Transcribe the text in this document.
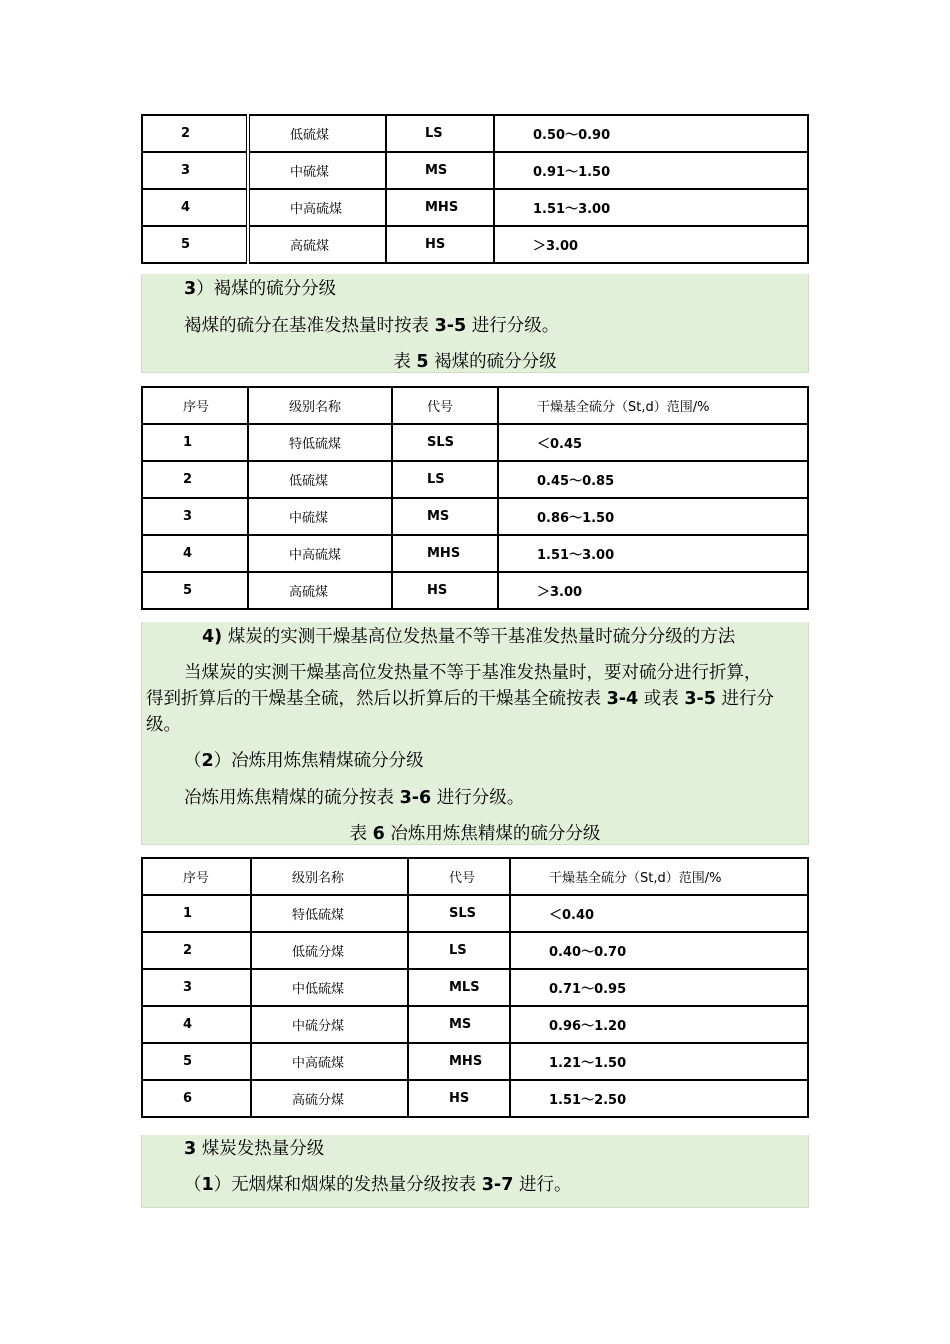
2	低硫煤	LS	0.50～0.90
3	中硫煤	MS	0.91～1.50
4	中高硫煤	MHS	1.51～3.00
5	高硫煤	HS	＞3.00
3）褐煤的硫分分级
褐煤的硫分在基准发热量时按表 3-5 进行分级。
表 5 褐煤的硫分分级
序号	级别名称	代号	干燥基全硫分（St,d）范围/%
1	特低硫煤	SLS	＜0.45
2	低硫煤	LS	0.45～0.85
3	中硫煤	MS	0.86～1.50
4	中高硫煤	MHS	1.51～3.00
5	高硫煤	HS	＞3.00
4) 煤炭的实测干燥基高位发热量不等干基准发热量时硫分分级的方法
当煤炭的实测干燥基高位发热量不等于基准发热量时，要对硫分进行折算，
得到折算后的干燥基全硫，然后以折算后的干燥基全硫按表 3-4 或表 3-5 进行分
级。
（2）冶炼用炼焦精煤硫分分级
冶炼用炼焦精煤的硫分按表 3-6 进行分级。
表 6 冶炼用炼焦精煤的硫分分级
序号	级别名称	代号	干燥基全硫分（St,d）范围/%
1	特低硫煤	SLS	＜0.40
2	低硫分煤	LS	0.40～0.70
3	中低硫煤	MLS	0.71～0.95
4	中硫分煤	MS	0.96～1.20
5	中高硫煤	MHS	1.21～1.50
6	高硫分煤	HS	1.51～2.50
3 煤炭发热量分级
（1）无烟煤和烟煤的发热量分级按表 3-7 进行。
